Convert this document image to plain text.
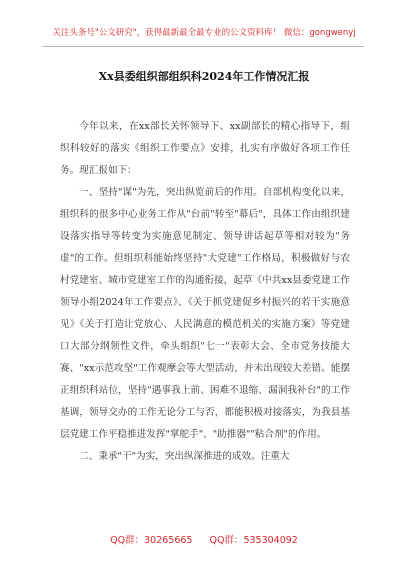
关注头条号"公文研究"，获得最新最全最专业的公文资料库！ 微信：gongwenyj
Xx县委组织部组织科2024年工作情况汇报

今年以来，在xx部长关怀领导下、xx副部长的精心指导下，组织科较好的落实《组织工作要点》安排，扎实有序做好各项工作任务。现汇报如下：

一、坚持"谋"为先，突出纵览前后的作用。自部机构变化以来，组织科的很多中心业务工作从"台前"转至"幕后"，具体工作由组织建设落实指导等转变为实施意见制定、领导讲话起草等相对较为"务虚"的工作。但组织科能始终坚持"大党建"工作格局，积极做好与农村党建室、城市党建室工作的沟通衔接，起草《中共xx县委党建工作领导小组2024年工作要点》、《关于抓党建促乡村振兴的若干实施意见》《关于打造让党放心、人民满意的模范机关的实施方案》等党建口大部分纲领性文件，牵头组织"七一"表彰大会、全市党务技能大赛、"xx示范攻坚"工作观摩会等大型活动，并未出现较大差错。能摆正组织科站位，坚持"遇事我上前、困难不退缩、漏洞我补台"的工作基调，领导交办的工作无论分工与否，都能积极对接落实，为我县基层党建工作平稳推进发挥"掌舵手"、"助推器""粘合剂"的作用。

二、秉承"干"为实，突出纵深推进的成效。注重大

QQ群：30265665 QQ群：535304092
